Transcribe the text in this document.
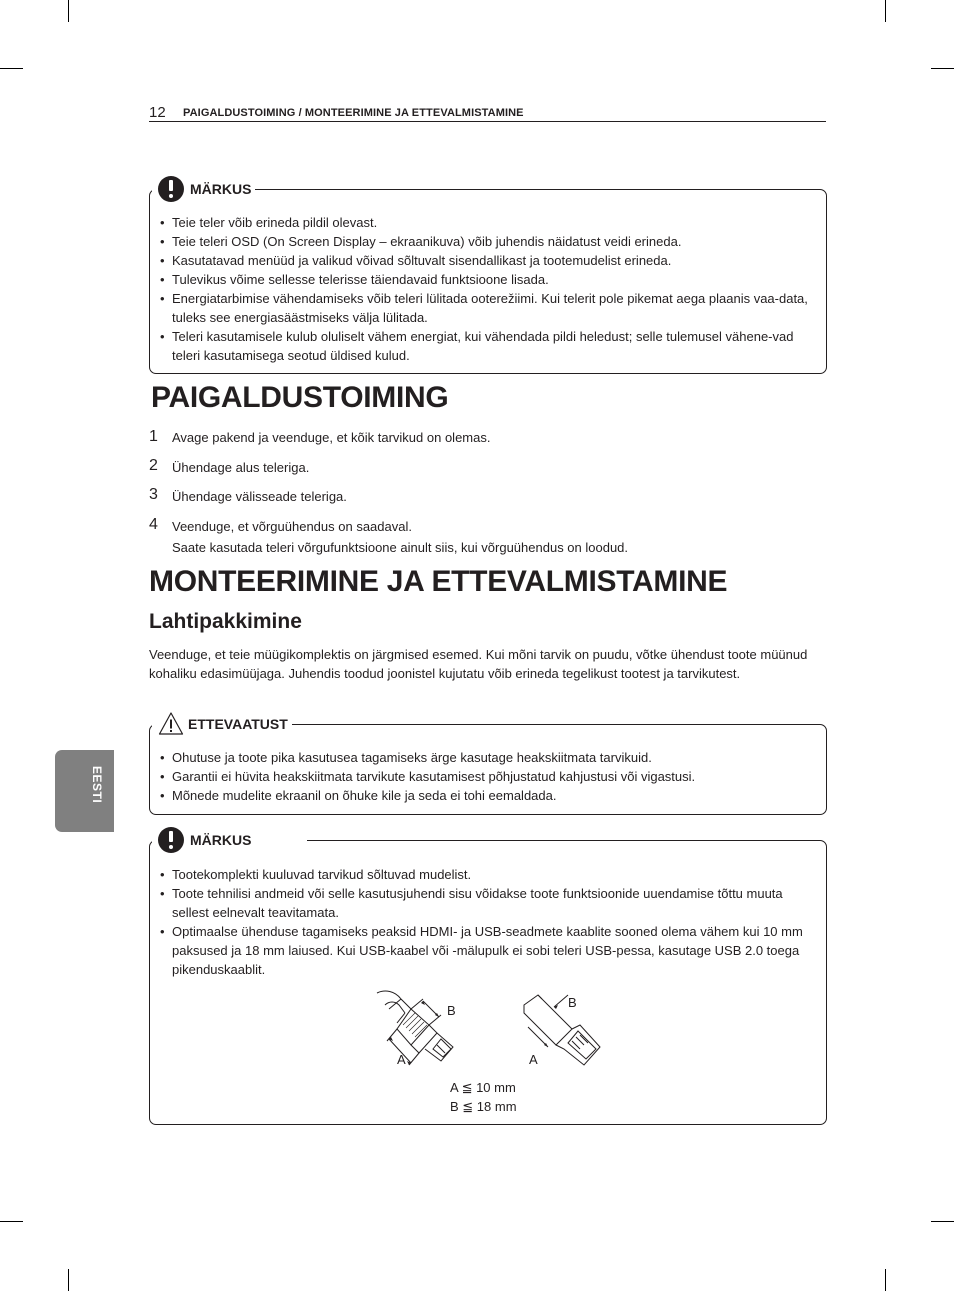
12 PAIGALDUSTOIMING / MONTEERIMINE JA ETTEVALMISTAMINE
EESTI
MÄRKUS
• Teie teler võib erineda pildil olevast.
• Teie teleri OSD (On Screen Display – ekraanikuva) võib juhendis näidatust veidi erineda.
• Kasutatavad menüüd ja valikud võivad sõltuvalt sisendallikast ja tootemudelist erineda.
• Tulevikus võime sellesse telerisse täiendavaid funktsioone lisada.
• Energiatarbimise vähendamiseks võib teleri lülitada ooterežiimi. Kui telerit pole pikemat aega plaanis vaa-data, tuleks see energiasäästmiseks välja lülitada.
• Teleri kasutamisele kulub oluliselt vähem energiat, kui vähendada pildi heledust; selle tulemusel vähene-vad teleri kasutamisega seotud üldised kulud.
PAIGALDUSTOIMING
1 Avage pakend ja veenduge, et kõik tarvikud on olemas.
2 Ühendage alus teleriga.
3 Ühendage välisseade teleriga.
4 Veenduge, et võrguühendus on saadaval.
Saate kasutada teleri võrgufunktsioone ainult siis, kui võrguühendus on loodud.
MONTEERIMINE JA ETTEVALMISTAMINE
Lahtipakkimine
Veenduge, et teie müügikomplektis on järgmised esemed. Kui mõni tarvik on puudu, võtke ühendust toote müünud kohaliku edasimüüjaga. Juhendis toodud joonistel kujutatu võib erineda tegelikust tootest ja tarvikutest.
ETTEVAATUST
• Ohutuse ja toote pika kasutusea tagamiseks ärge kasutage heakskiitmata tarvikuid.
• Garantii ei hüvita heakskiitmata tarvikute kasutamisest põhjustatud kahjustusi või vigastusi.
• Mõnede mudelite ekraanil on õhuke kile ja seda ei tohi eemaldada.
MÄRKUS
• Tootekomplekti kuuluvad tarvikud sõltuvad mudelist.
• Toote tehnilisi andmeid või selle kasutusjuhendi sisu võidakse toote funktsioonide uuendamise tõttu muuta sellest eelnevalt teavitamata.
• Optimaalse ühenduse tagamiseks peaksid HDMI- ja USB-seadmete kaablite sooned olema vähem kui 10 mm paksused ja 18 mm laiused. Kui USB-kaabel või -mälupulk ei sobi teleri USB-pessa, kasutage USB 2.0 toega pikenduskaablit.
B
A
B
A
A ≦ 10 mm
B ≦ 18 mm
